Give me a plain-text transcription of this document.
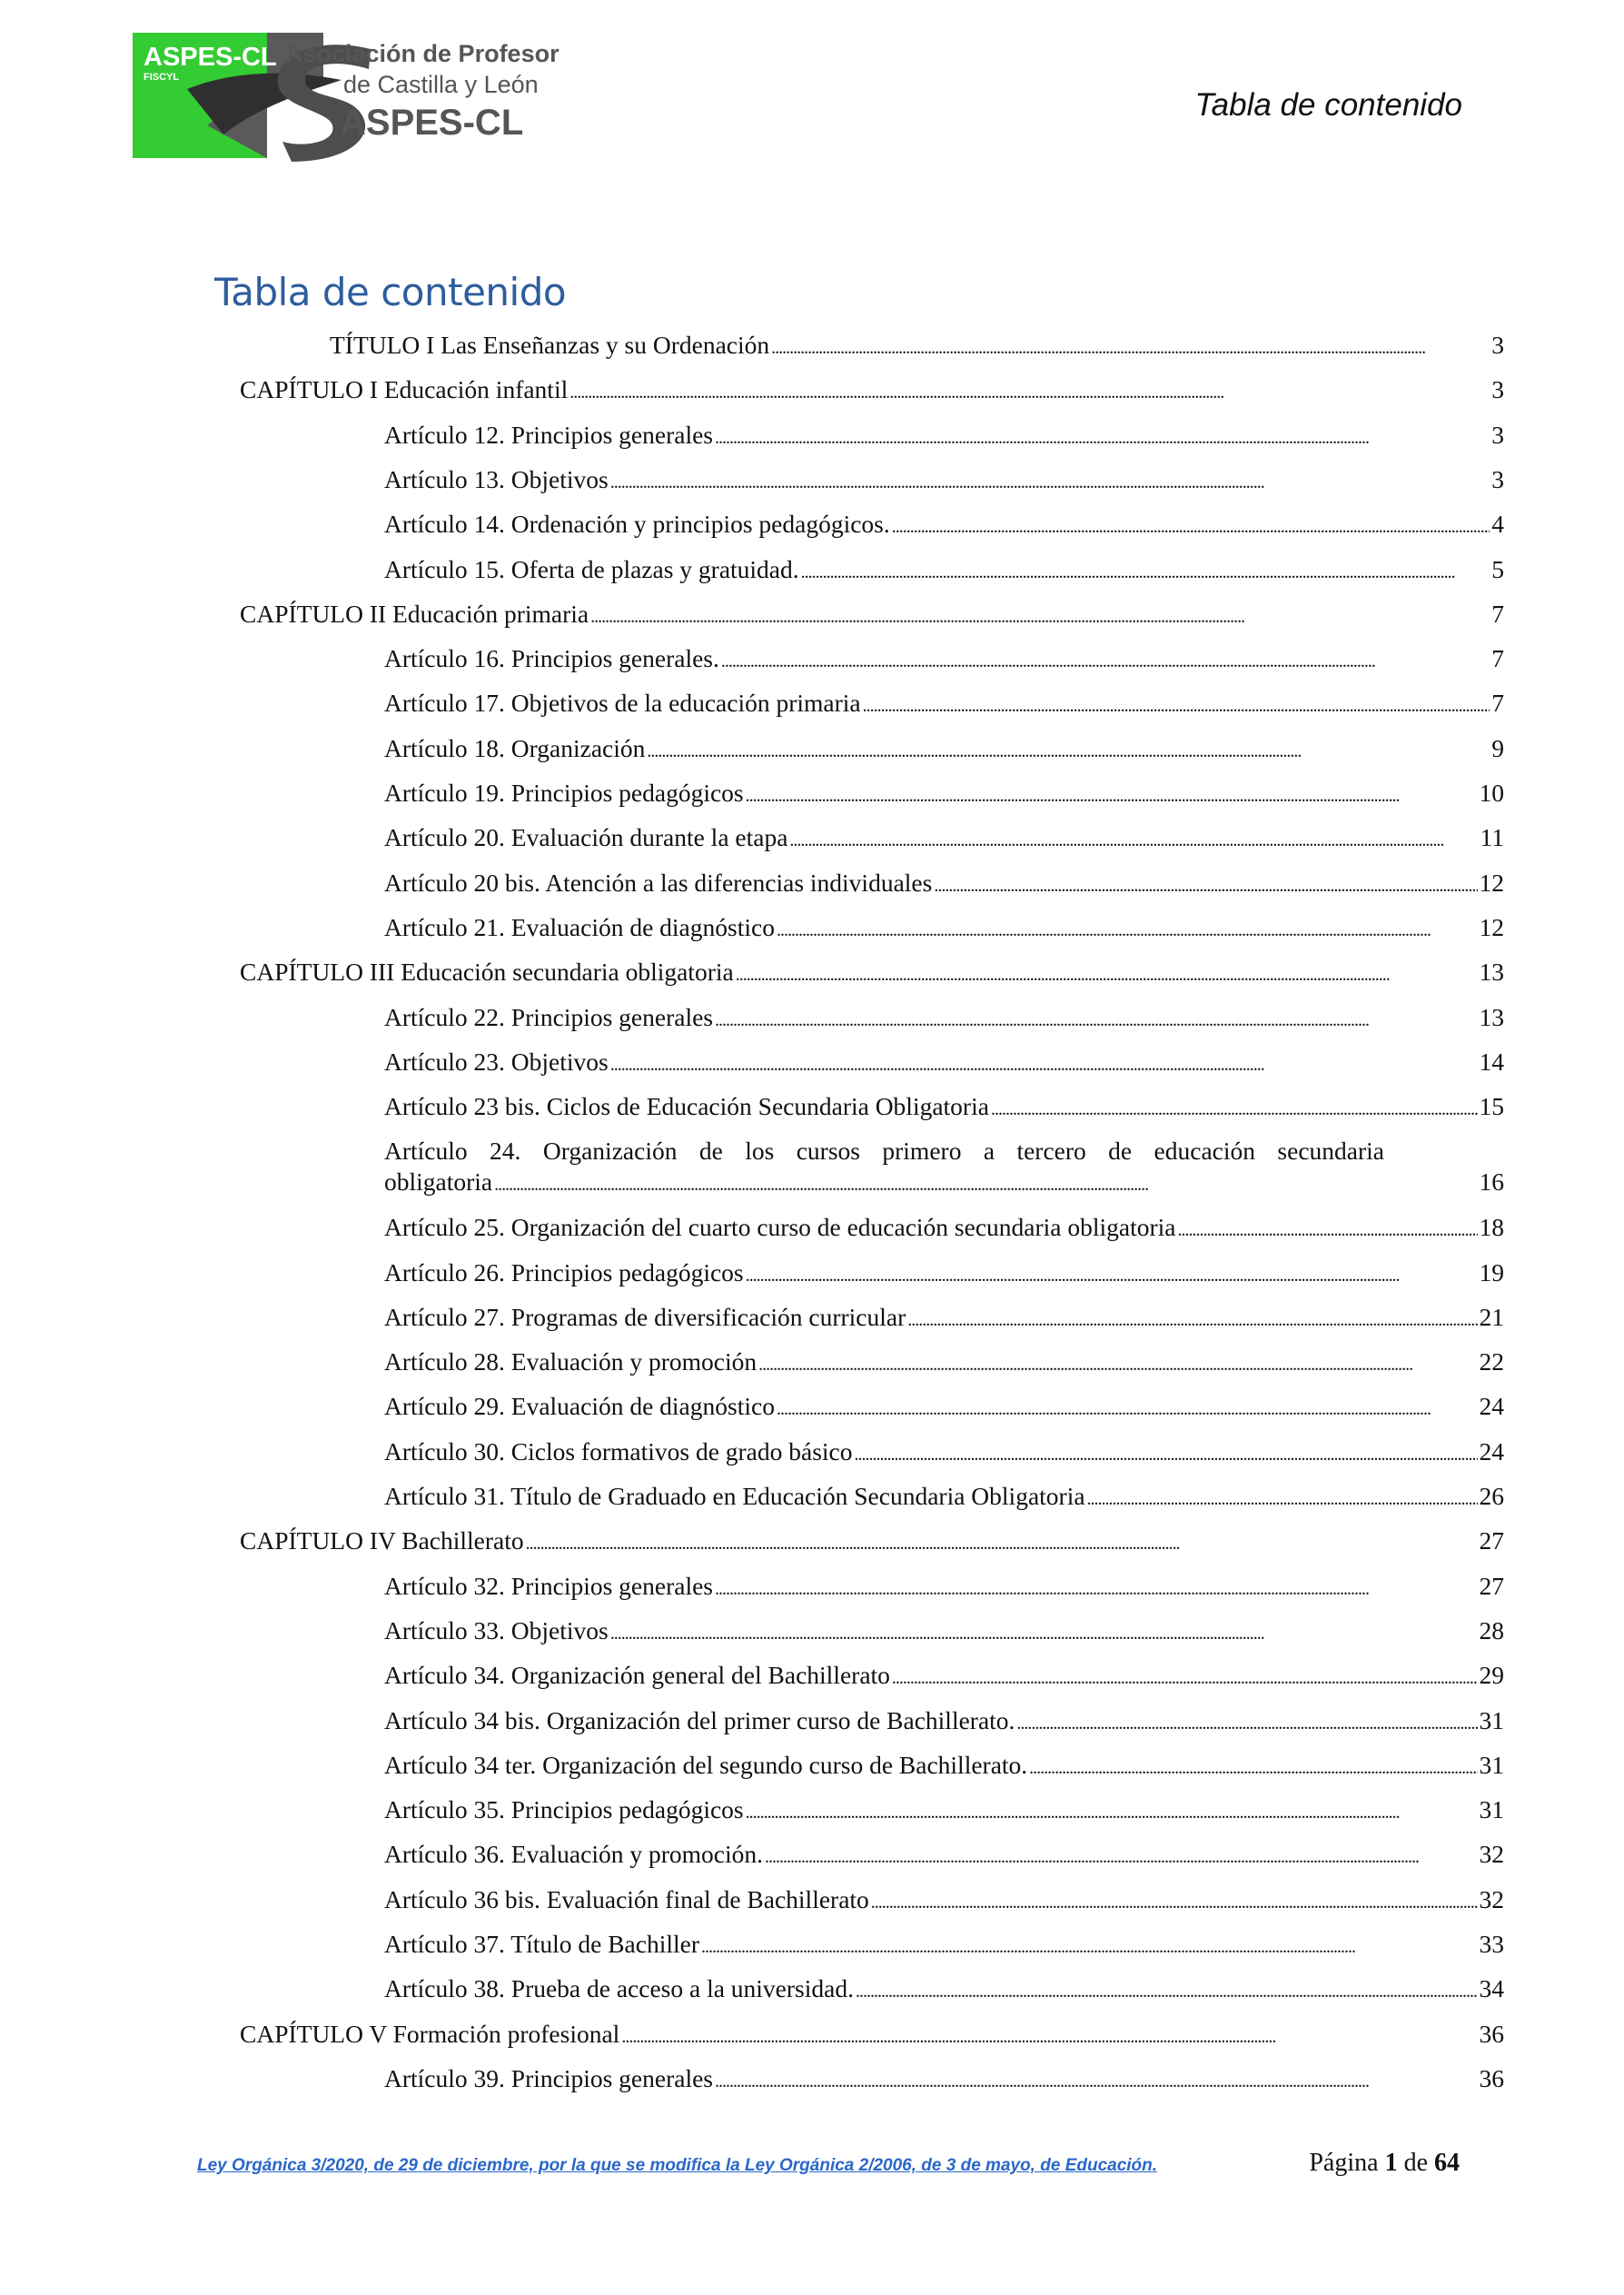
ASPES-CL
FISCYL
Asociación de Profesores
de Castilla y León
ASPES-CL	Tabla de contenido
Tabla de contenido
TÍTULO I Las Enseñanzas y su Ordenación . . .	3
CAPÍTULO I Educación infantil . . .	3
Artículo 12. Principios generales . . .	3
Artículo 13. Objetivos . . .	3
Artículo 14. Ordenación y principios pedagógicos. . . .	4
Artículo 15. Oferta de plazas y gratuidad. . . .	5
CAPÍTULO II Educación primaria . . .	7
Artículo 16. Principios generales. . . .	7
Artículo 17. Objetivos de la educación primaria . . .	7
Artículo 18. Organización . . .	9
Artículo 19. Principios pedagógicos . . .	10
Artículo 20. Evaluación durante la etapa . . .	11
Artículo 20 bis. Atención a las diferencias individuales . . .	12
Artículo 21. Evaluación de diagnóstico . . .	12
CAPÍTULO III Educación secundaria obligatoria . . .	13
Artículo 22. Principios generales . . .	13
Artículo 23. Objetivos . . .	14
Artículo 23 bis. Ciclos de Educación Secundaria Obligatoria . . .	15
Artículo 24. Organización de los cursos primero a tercero de educación secundaria
obligatoria . . .	16
Artículo 25. Organización del cuarto curso de educación secundaria obligatoria . . .	18
Artículo 26. Principios pedagógicos . . .	19
Artículo 27. Programas de diversificación curricular . . .	21
Artículo 28. Evaluación y promoción . . .	22
Artículo 29. Evaluación de diagnóstico . . .	24
Artículo 30. Ciclos formativos de grado básico . . .	24
Artículo 31. Título de Graduado en Educación Secundaria Obligatoria . . .	26
CAPÍTULO IV Bachillerato . . .	27
Artículo 32. Principios generales . . .	27
Artículo 33. Objetivos . . .	28
Artículo 34. Organización general del Bachillerato . . .	29
Artículo 34 bis. Organización del primer curso de Bachillerato. . . .	31
Artículo 34 ter. Organización del segundo curso de Bachillerato. . . .	31
Artículo 35. Principios pedagógicos . . .	31
Artículo 36. Evaluación y promoción. . . .	32
Artículo 36 bis. Evaluación final de Bachillerato . . .	32
Artículo 37. Título de Bachiller . . .	33
Artículo 38. Prueba de acceso a la universidad. . . .	34
CAPÍTULO V Formación profesional . . .	36
Artículo 39. Principios generales . . .	36
Ley Orgánica 3/2020, de 29 de diciembre, por la que se modifica la Ley Orgánica 2/2006, de 3 de mayo, de Educación.	Página 1 de 64
